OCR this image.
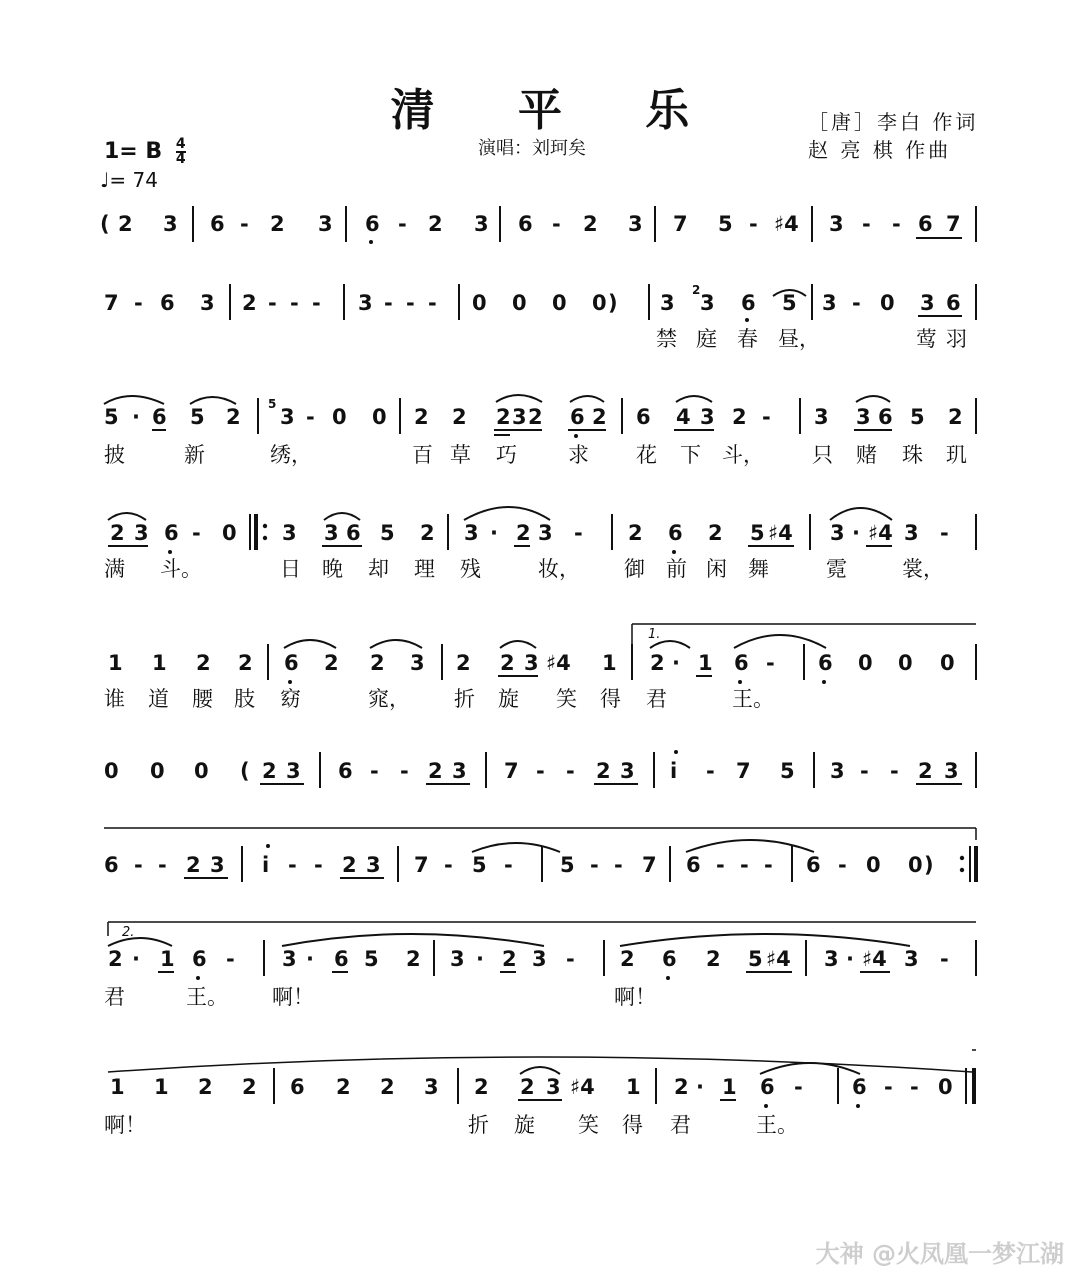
清 平 乐
演唱：刘珂矣
［唐］李白 作词
赵 亮 棋 作曲
1= B $\frac{4}{4}$
♩= 74
( 2 3 6 - 2 3 6 - 2 3 6 - 2 3 7 5 - ♯4 3 - - 6 7
7 - 6 3 2 - - - 3 - - - 0 0 0 0 ) 3 3 6 5 3 - 0 3 6
2
禁 庭 春 昼，	莺 羽
5 · 6 5 2 3 - 0 0 2 2 2 3 2 6 2 6 4 3 2 - 3 3 6 5 2
5
披	新	绣，	百 草 巧 求 花 下 斗， 只 赌 珠 玑
2 3 6 - 0 3 3 6 5 2 3 · 2 3 - 2 6 2 5 ♯4 3 · ♯4 3 -
满 斗。	日 晚 却 理 残	妆， 御 前 闲 舞	霓	裳，
1.
1 1 2 2 6 2 2 3 2 2 3 ♯4 1 2 · 1 6 - 6 0 0 0
谁 道 腰 肢 窈	窕， 折 旋 笑 得 君	王。
0 0 0 ( 2 3 6 - - 2 3 7 - - 2 3 i - 7 5 3 - - 2 3
6 - - 2 3 i - - 2 3 7 - 5 - 5 - - 7 6 - - - 6 - 0 0 )
2.
2 · 1 6 - 3 · 6 5 2 3 · 2 3 - 2 6 2 5 ♯4 3 · ♯4 3 -
君	王。 啊！	啊！
1 1 2 2 6 2 2 3 2 2 3 ♯4 1 2 · 1 6 - 6 - - 0
啊！	折 旋 笑 得 君	王。
大神 @火凤凰一梦江湖
